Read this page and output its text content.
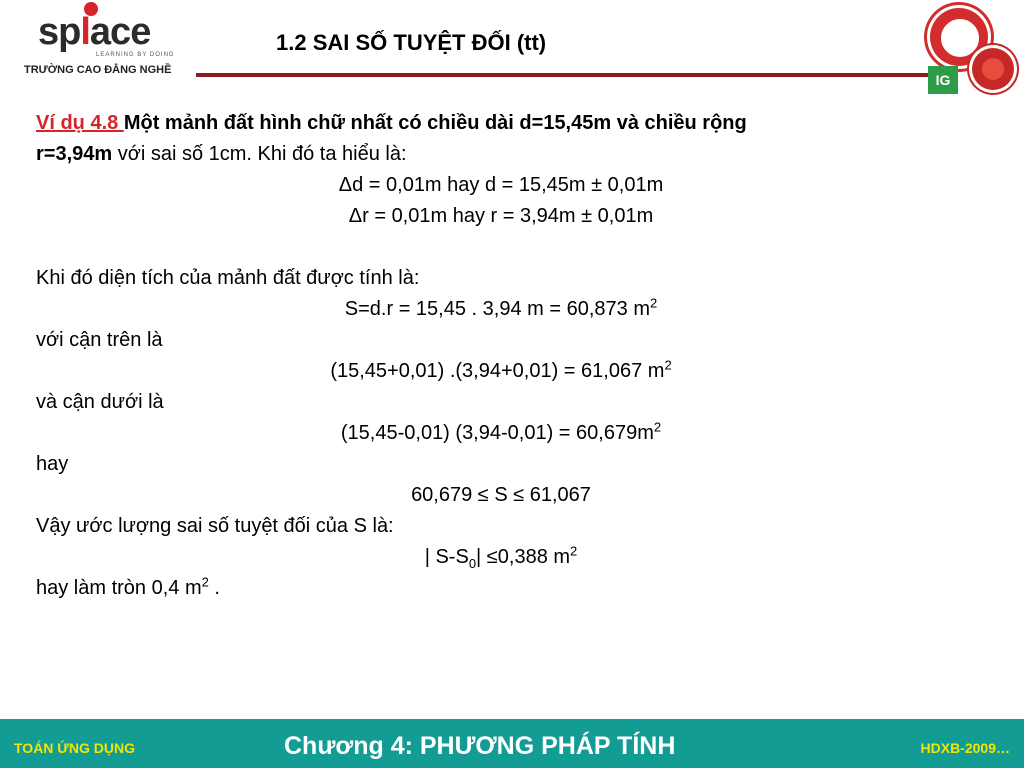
splace
LEARNING BY DOING
TRƯỜNG CAO ĐẲNG NGHỀ
1.2 SAI SỐ TUYỆT ĐỐI (tt)
IG
Ví dụ 4.8 Một mảnh đất hình chữ nhất có chiều dài d=15,45m và chiều rộng
r=3,94m với sai số 1cm. Khi đó ta hiểu là:
Δd = 0,01m hay d = 15,45m ± 0,01m
Δr = 0,01m hay r = 3,94m ± 0,01m
Khi đó diện tích của mảnh đất được tính là:
S=d.r = 15,45 . 3,94 m = 60,873 $m^2$
với cận trên là
(15,45+0,01) .(3,94+0,01) = 61,067 $m^2$
và cận dưới là
(15,45-0,01) $(3,94-0,01) = 60,679m^2$
hay
60,679 ≤ S ≤ 61,067
Vậy ước lượng sai số tuyệt đối của S là:
| $S-S_0| \le 0,388$ $m^2$
hay làm tròn 0,4 $m^2$ .
TOÁN ỨNG DỤNG	Chương 4: PHƯƠNG PHÁP TÍNH	HDXB-2009…
